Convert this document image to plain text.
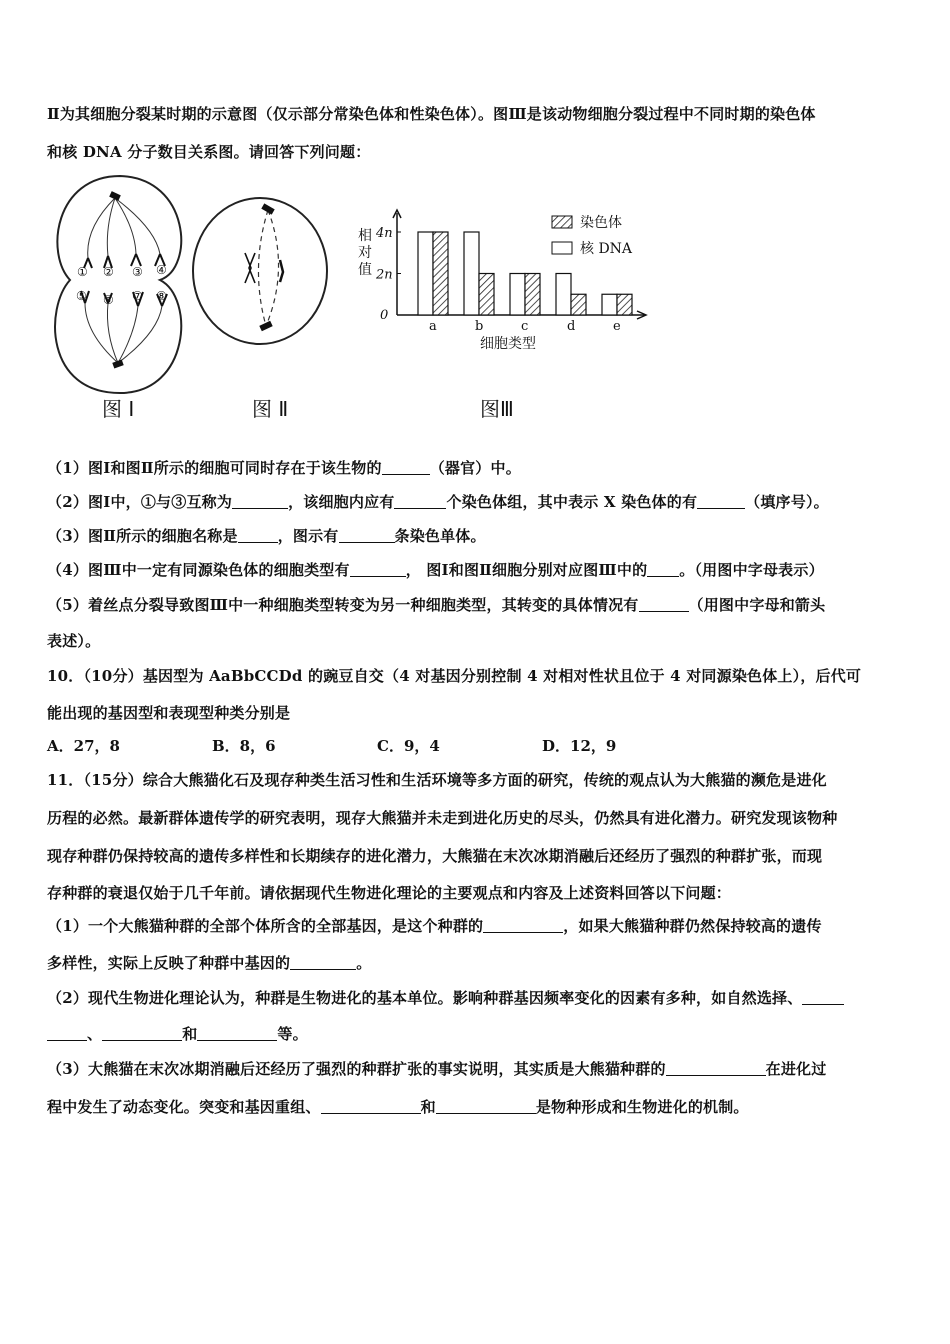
Ⅱ为其细胞分裂某时期的示意图（仅示部分常染色体和性染色体）。图Ⅲ是该动物细胞分裂过程中不同时期的染色体
和核 DNA 分子数目关系图。请回答下列问题：
① ② ③ ④
⑤ ⑥ ⑦ ⑧
相
对
值
0
2n
4n
a	b	c	d	e
细胞类型
染色体
核 DNA
图 Ⅰ	图 Ⅱ	图Ⅲ
（1）图Ⅰ和图Ⅱ所示的细胞可同时存在于该生物的	（器官）中。
（2）图Ⅰ中，①与③互称为	，该细胞内应有	个染色体组，其中表示 X 染色体的有	（填序号）。
（3）图Ⅱ所示的细胞名称是	，图示有	条染色单体。
（4）图Ⅲ中一定有同源染色体的细胞类型有	， 图Ⅰ和图Ⅱ细胞分别对应图Ⅲ中的 。（用图中字母表示）
（5）着丝点分裂导致图Ⅲ中一种细胞类型转变为另一种细胞类型，其转变的具体情况有	（用图中字母和箭头
表述）。
10．（10分）基因型为 AaBbCCDd 的豌豆自交（4 对基因分别控制 4 对相对性状且位于 4 对同源染色体上），后代可
能出现的基因型和表现型种类分别是
A．27，8	B．8，6	C．9，4	D．12，9
11．（15分）综合大熊猫化石及现存种类生活习性和生活环境等多方面的研究，传统的观点认为大熊猫的濒危是进化
历程的必然。最新群体遗传学的研究表明，现存大熊猫并未走到进化历史的尽头，仍然具有进化潜力。研究发现该物种
现存种群仍保持较高的遗传多样性和长期续存的进化潜力，大熊猫在末次冰期消融后还经历了强烈的种群扩张，而现
存种群的衰退仅始于几千年前。请依据现代生物进化理论的主要观点和内容及上述资料回答以下问题：
（1）一个大熊猫种群的全部个体所含的全部基因，是这个种群的	，如果大熊猫种群仍然保持较高的遗传
多样性，实际上反映了种群中基因的	。
（2）现代生物进化理论认为，种群是生物进化的基本单位。影响种群基因频率变化的因素有多种，如自然选择、
、	和	等。
（3）大熊猫在末次冰期消融后还经历了强烈的种群扩张的事实说明，其实质是大熊猫种群的	在进化过
程中发生了动态变化。突变和基因重组、	和	是物种形成和生物进化的机制。
